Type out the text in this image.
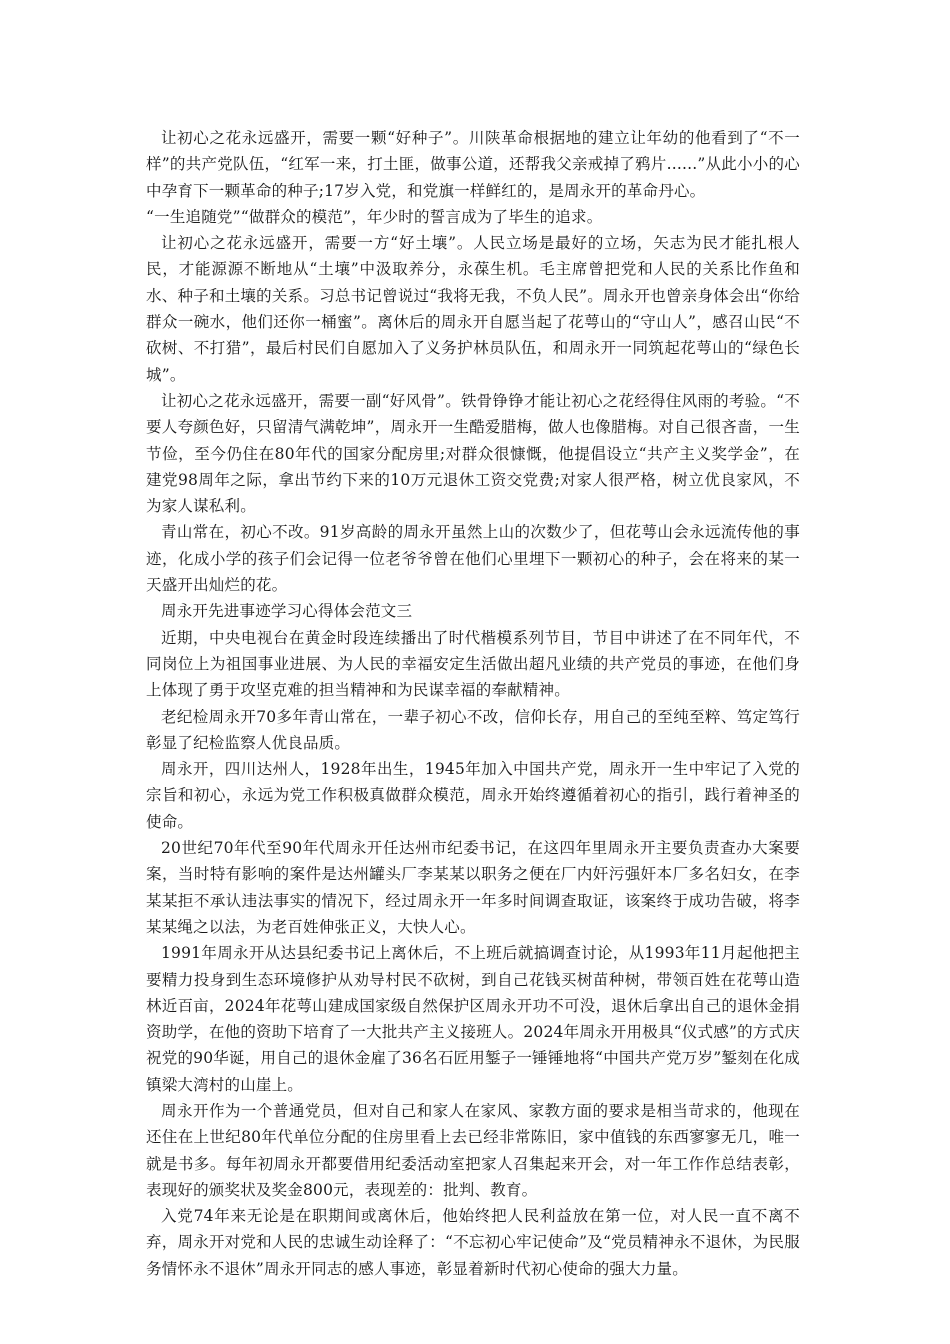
让初心之花永远盛开，需要一颗“好种子”。川陕革命根据地的建立让年幼的他看到了“不一样”的共产党队伍，“红军一来，打土匪，做事公道，还帮我父亲戒掉了鸦片......”从此小小的心中孕育下一颗革命的种子;17岁入党，和党旗一样鲜红的，是周永开的革命丹心。

“一生追随党”“做群众的模范”，年少时的誓言成为了毕生的追求。

让初心之花永远盛开，需要一方“好土壤”。人民立场是最好的立场，矢志为民才能扎根人民，才能源源不断地从“土壤”中汲取养分，永葆生机。毛主席曾把党和人民的关系比作鱼和水、种子和土壤的关系。习总书记曾说过“我将无我，不负人民”。周永开也曾亲身体会出“你给群众一碗水，他们还你一桶蜜”。离休后的周永开自愿当起了花萼山的“守山人”，感召山民“不砍树、不打猎”，最后村民们自愿加入了义务护林员队伍，和周永开一同筑起花萼山的“绿色长城”。

让初心之花永远盛开，需要一副“好风骨”。铁骨铮铮才能让初心之花经得住风雨的考验。“不要人夸颜色好，只留清气满乾坤”，周永开一生酷爱腊梅，做人也像腊梅。对自己很吝啬，一生节俭，至今仍住在80年代的国家分配房里;对群众很慷慨，他提倡设立“共产主义奖学金”，在建党98周年之际，拿出节约下来的10万元退休工资交党费;对家人很严格，树立优良家风，不为家人谋私利。

青山常在，初心不改。91岁高龄的周永开虽然上山的次数少了，但花萼山会永远流传他的事迹，化成小学的孩子们会记得一位老爷爷曾在他们心里埋下一颗初心的种子，会在将来的某一天盛开出灿烂的花。

周永开先进事迹学习心得体会范文三

近期，中央电视台在黄金时段连续播出了时代楷模系列节目，节目中讲述了在不同年代，不同岗位上为祖国事业进展、为人民的幸福安定生活做出超凡业绩的共产党员的事迹，在他们身上体现了勇于攻坚克难的担当精神和为民谋幸福的奉献精神。

老纪检周永开70多年青山常在，一辈子初心不改，信仰长存，用自己的至纯至粹、笃定笃行彰显了纪检监察人优良品质。

周永开，四川达州人，1928年出生，1945年加入中国共产党，周永开一生中牢记了入党的宗旨和初心，永远为党工作积极真做群众模范，周永开始终遵循着初心的指引，践行着神圣的使命。

20世纪70年代至90年代周永开任达州市纪委书记，在这四年里周永开主要负责查办大案要案，当时特有影响的案件是达州罐头厂李某某以职务之便在厂内奸污强奸本厂多名妇女，在李某某拒不承认违法事实的情况下，经过周永开一年多时间调查取证，该案终于成功告破，将李某某绳之以法，为老百姓伸张正义，大快人心。

1991年周永开从达县纪委书记上离休后，不上班后就搞调查讨论，从1993年11月起他把主要精力投身到生态环境修护从劝导村民不砍树，到自己花钱买树苗种树，带领百姓在花萼山造林近百亩，2024年花萼山建成国家级自然保护区周永开功不可没，退休后拿出自己的退休金捐资助学，在他的资助下培育了一大批共产主义接班人。2024年周永开用极具“仪式感”的方式庆祝党的90华诞，用自己的退休金雇了36名石匠用錾子一锤锤地将“中国共产党万岁”錾刻在化成镇梁大湾村的山崖上。

周永开作为一个普通党员，但对自己和家人在家风、家教方面的要求是相当苛求的，他现在还住在上世纪80年代单位分配的住房里看上去已经非常陈旧，家中值钱的东西寥寥无几，唯一就是书多。每年初周永开都要借用纪委活动室把家人召集起来开会，对一年工作作总结表彰，表现好的颁奖状及奖金800元，表现差的：批判、教育。

入党74年来无论是在职期间或离休后，他始终把人民利益放在第一位，对人民一直不离不弃，周永开对党和人民的忠诚生动诠释了：“不忘初心牢记使命”及“党员精神永不退休，为民服务情怀永不退休”周永开同志的感人事迹，彰显着新时代初心使命的强大力量。
